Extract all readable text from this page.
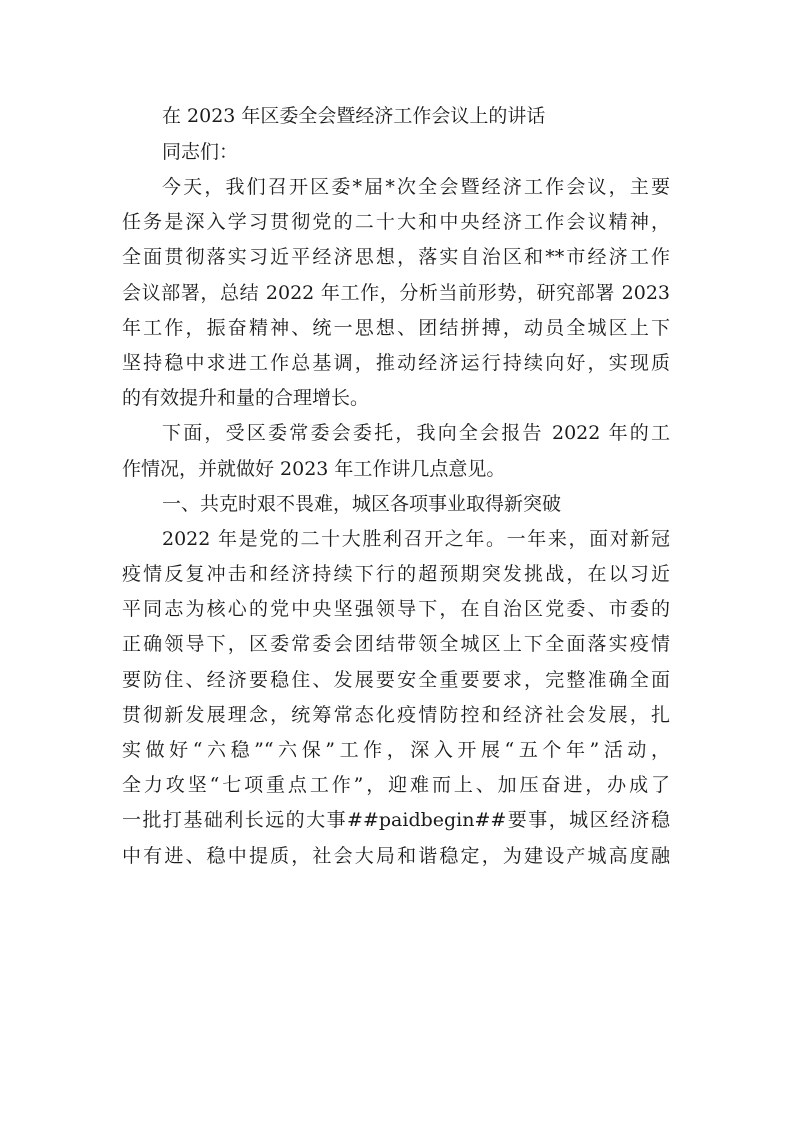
在 2023 年区委全会暨经济工作会议上的讲话
同志们：
今天，我们召开区委*届*次全会暨经济工作会议，主要
任务是深入学习贯彻党的二十大和中央经济工作会议精神，
全面贯彻落实习近平经济思想，落实自治区和**市经济工作
会议部署，总结 2022 年工作，分析当前形势，研究部署 2023
年工作，振奋精神、统一思想、团结拼搏，动员全城区上下
坚持稳中求进工作总基调，推动经济运行持续向好，实现质
的有效提升和量的合理增长。
下面，受区委常委会委托，我向全会报告 2022 年的工
作情况，并就做好 2023 年工作讲几点意见。
一、共克时艰不畏难，城区各项事业取得新突破
2022 年是党的二十大胜利召开之年。一年来，面对新冠
疫情反复冲击和经济持续下行的超预期突发挑战，在以习近
平同志为核心的党中央坚强领导下，在自治区党委、市委的
正确领导下，区委常委会团结带领全城区上下全面落实疫情
要防住、经济要稳住、发展要安全重要要求，完整准确全面
贯彻新发展理念，统筹常态化疫情防控和经济社会发展，扎
实做好“六稳”“六保”工作，深入开展“五个年”活动，
全力攻坚“七项重点工作”，迎难而上、加压奋进，办成了
一批打基础利长远的大事##paidbegin##要事，城区经济稳
中有进、稳中提质，社会大局和谐稳定，为建设产城高度融
